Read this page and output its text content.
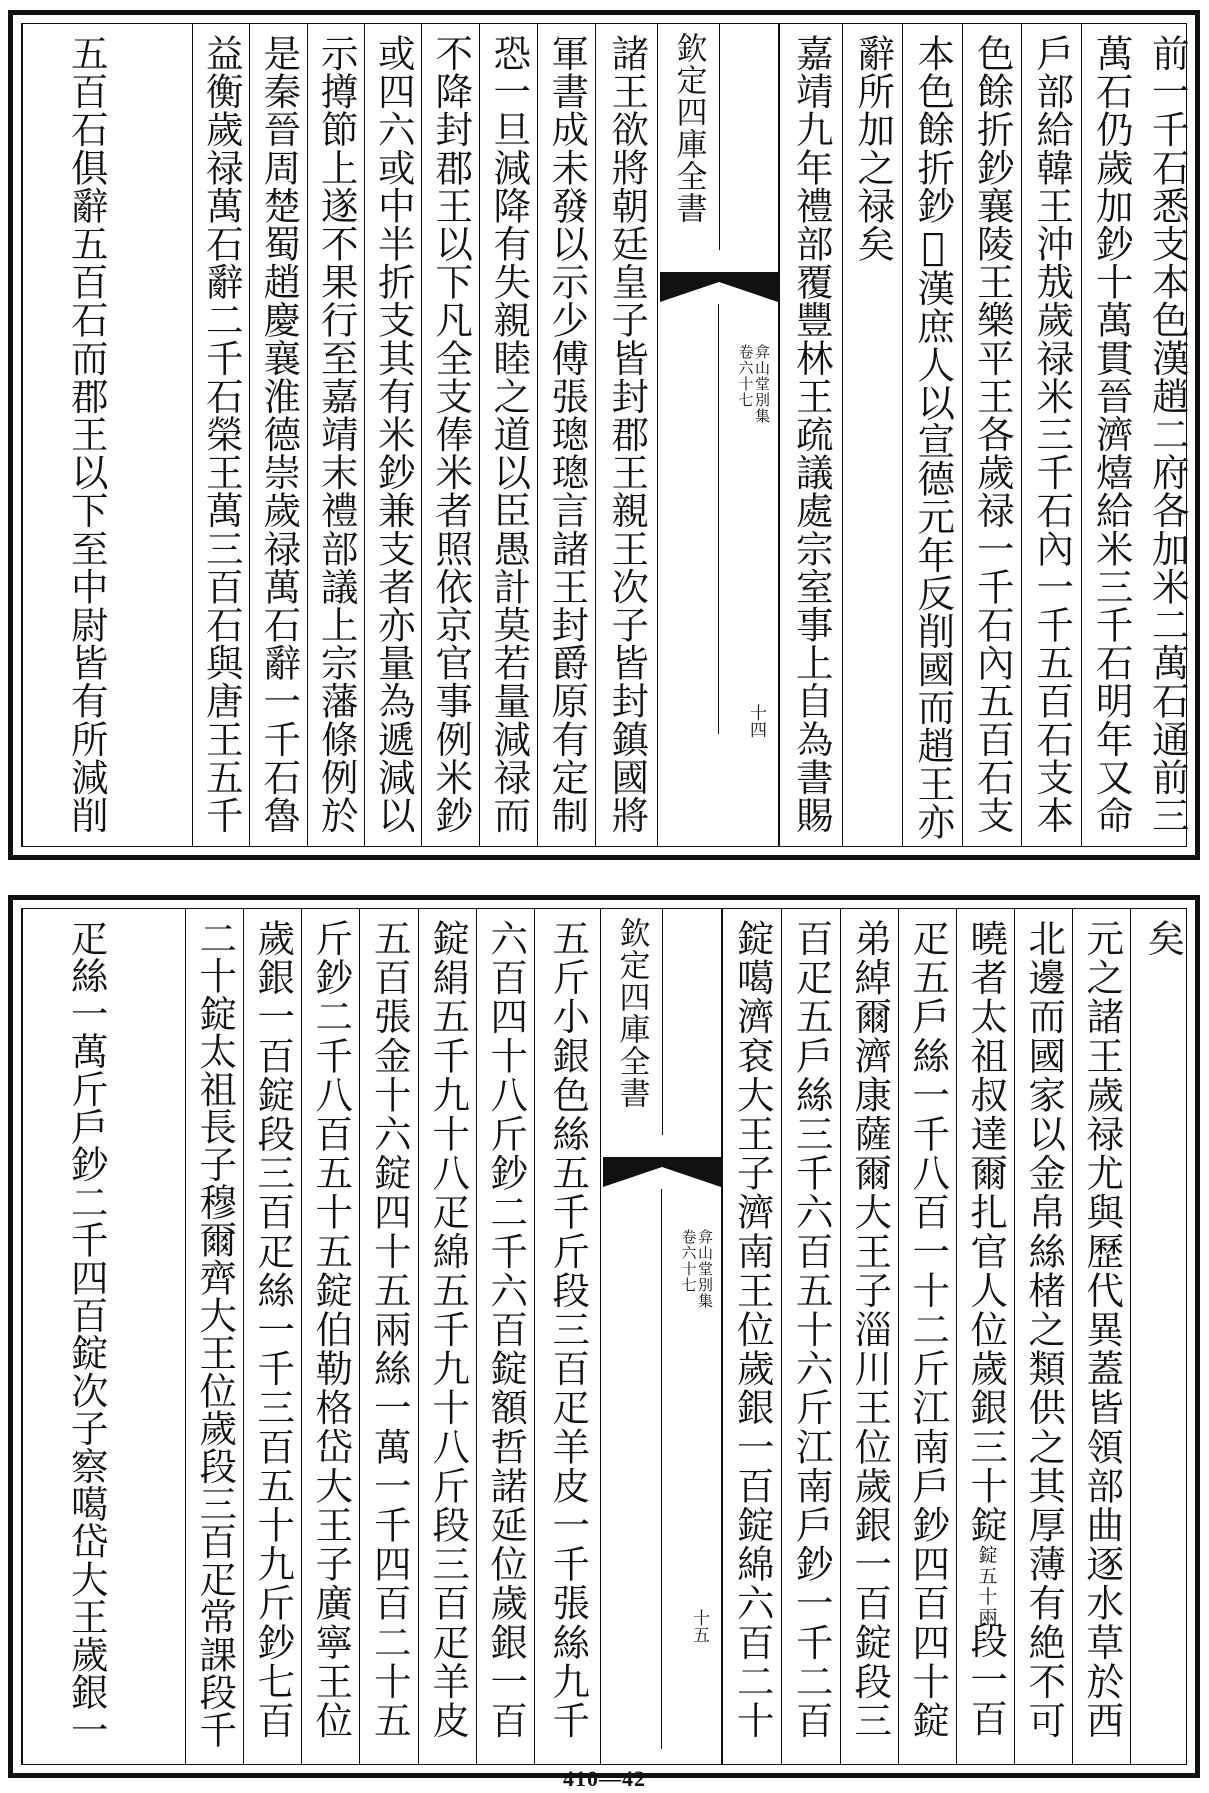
前一千石悉支本色漢趙二府各加米二萬石通前三
萬石仍歲加鈔十萬貫晉濟熺給米三千石明年又命
戶部給韓王沖㦲歲禄米三千石內一千五百石支本
色餘折鈔襄陵王樂平王各歲禄一千石內五百石支
本色餘折鈔𤼵漢庶人以宣德元年反削國而趙王亦
辭所加之禄矣
嘉靖九年禮部覆豐林王疏議處宗室事上自為書賜
欽定四庫全書
弇山堂別集
卷六十七
十四
諸王欲將朝廷皇子皆封郡王親王次子皆封鎮國將
軍書成未發以示少傅張璁璁言諸王封爵原有定制
恐一旦減降有失親睦之道以臣愚計莫若量減禄而
不降封郡王以下凡全支俸米者照依京官事例米鈔
或四六或中半折支其有米鈔兼支者亦量為遞減以
示撙節上遂不果行至嘉靖末禮部議上宗藩條例於
是秦晉周楚蜀趙慶襄淮德崇歲禄萬石辭一千石魯
益衡歲禄萬石辭二千石榮王萬三百石與唐王五千
五百石俱辭五百石而郡王以下至中尉皆有所減削
矣
元之諸王歲禄尤與歷代異蓋皆領部曲逐水草於西
北邊而國家以金帛絲楮之類供之其厚薄有絶不可
曉者太祖叔達爾扎官人位歲銀三十錠
錠五十兩
段一百
疋五戶絲一千八百一十二斤江南戶鈔四百四十錠
弟綽爾濟康薩爾大王子淄川王位歲銀一百錠段三
百疋五戶絲三千六百五十六斤江南戶鈔一千二百
錠噶濟袞大王子濟南王位歲銀一百錠綿六百二十
欽定四庫全書
弇山堂別集
卷六十七
十五
五斤小銀色絲五千斤段三百疋羊皮一千張絲九千
六百四十八斤鈔二千六百錠額哲諾延位歲銀一百
錠絹五千九十八疋綿五千九十八斤段三百疋羊皮
五百張金十六錠四十五兩絲一萬一千四百二十五
斤鈔二千八百五十五錠伯勒格岱大王子廣寧王位
歲銀一百錠段三百疋絲一千三百五十九斤鈔七百
二十錠太祖長子穆爾齊大王位歲段三百疋常課段千
疋絲一萬斤戶鈔二千四百錠次子察噶岱大王歲銀一
410—42
